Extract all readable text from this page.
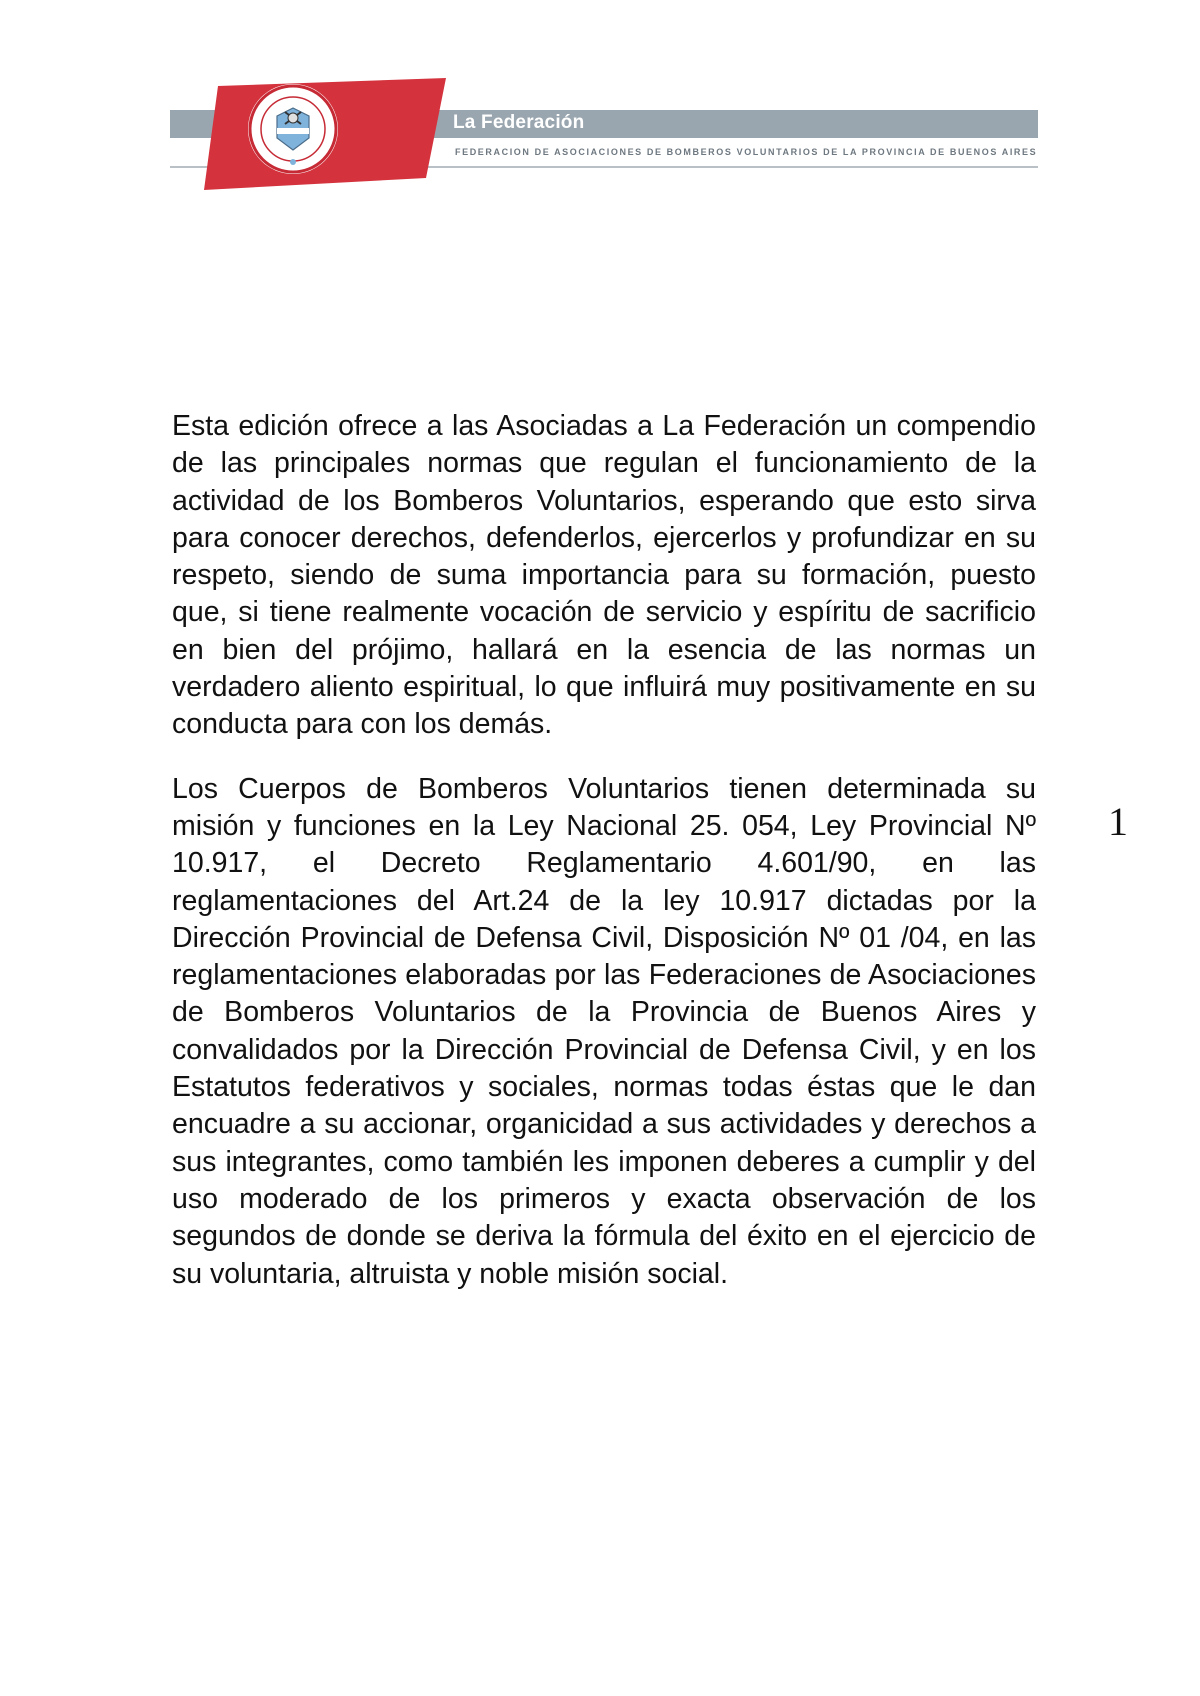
La Federación
FEDERACION DE ASOCIACIONES DE BOMBEROS VOLUNTARIOS DE LA PROVINCIA DE BUENOS AIRES

Esta edición ofrece a las Asociadas a La Federación un compendio de las principales normas que regulan el funcionamiento de la actividad de los Bomberos Voluntarios, esperando que esto sirva para conocer derechos, defenderlos, ejercerlos y profundizar en su respeto, siendo de suma importancia para su formación, puesto que, si tiene realmente vocación de servicio y espíritu de sacrificio en bien del prójimo, hallará en la esencia de las normas un verdadero aliento espiritual, lo que influirá muy positivamente en su conducta para con los demás.

Los Cuerpos de Bomberos Voluntarios tienen determinada su misión y funciones en la Ley Nacional 25. 054, Ley Provincial Nº 10.917, el Decreto Reglamentario 4.601/90, en las reglamentaciones del Art.24 de la ley 10.917 dictadas por la Dirección Provincial de Defensa Civil, Disposición Nº 01 /04, en las reglamentaciones elaboradas por las Federaciones de Asociaciones de Bomberos Voluntarios de la Provincia de Buenos Aires y convalidados por la Dirección Provincial de Defensa Civil, y en los Estatutos federativos y sociales, normas todas éstas que le dan encuadre a su accionar, organicidad a sus actividades y derechos a sus integrantes, como también les imponen deberes a cumplir y del uso moderado de los primeros y exacta observación de los segundos de donde se deriva la fórmula del éxito en el ejercicio de su voluntaria, altruista y noble misión social.

1
